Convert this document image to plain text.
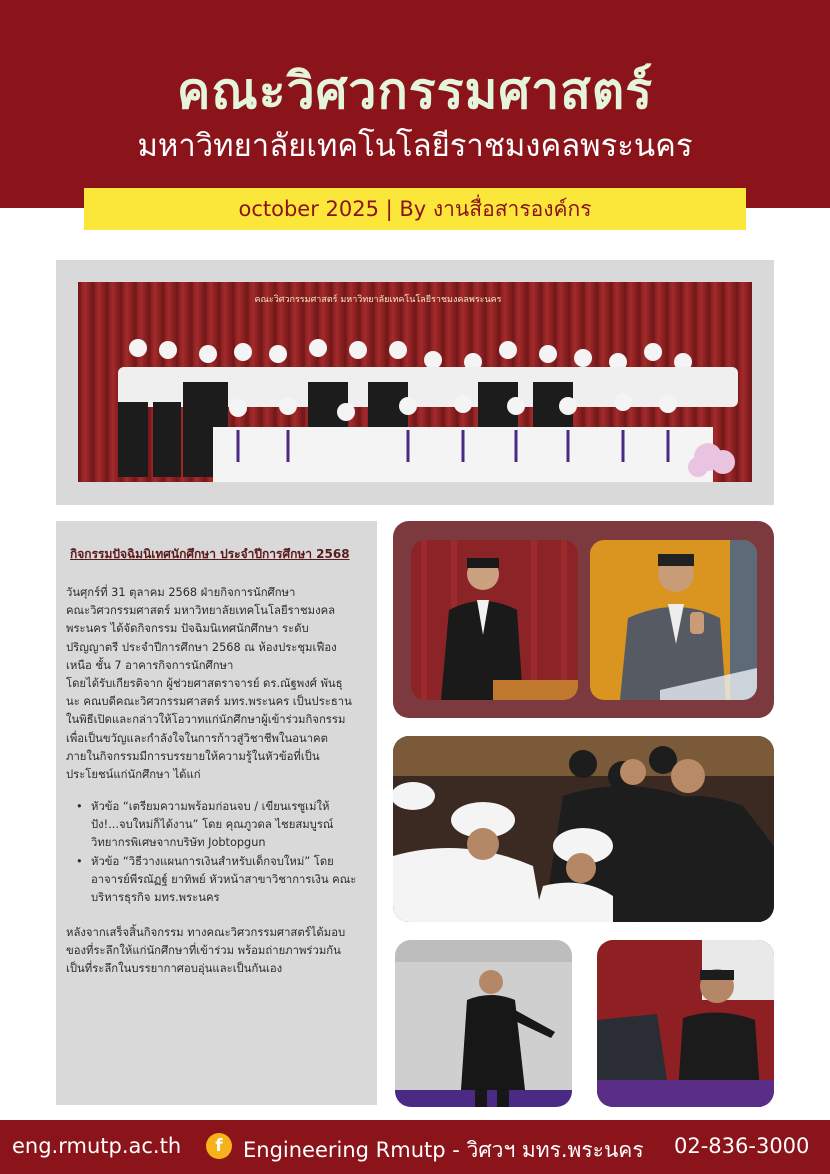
คณะวิศวกรรมศาสตร์
มหาวิทยาลัยเทคโนโลยีราชมงคลพระนคร
october 2025 | By งานสื่อสารองค์กร
คณะวิศวกรรมศาสตร์ มหาวิทยาลัยเทคโนโลยีราชมงคลพระนคร
กิจกรรมปัจฉิมนิเทศนักศึกษา ประจำปีการศึกษา 2568
วันศุกร์ที่ 31 ตุลาคม 2568 ฝ่ายกิจการนักศึกษา
คณะวิศวกรรมศาสตร์ มหาวิทยาลัยเทคโนโลยีราชมงคล
พระนคร ได้จัดกิจกรรม ปัจฉิมนิเทศนักศึกษา ระดับ
ปริญญาตรี ประจำปีการศึกษา 2568 ณ ห้องประชุมเฟือง
เหนือ ชั้น 7 อาคารกิจการนักศึกษา
โดยได้รับเกียรติจาก ผู้ช่วยศาสตราจารย์ ดร.ณัฐพงศ์ พันธุ
นะ คณบดีคณะวิศวกรรมศาสตร์ มทร.พระนคร เป็นประธาน
ในพิธีเปิดและกล่าวให้โอวาทแก่นักศึกษาผู้เข้าร่วมกิจกรรม
เพื่อเป็นขวัญและกำลังใจในการก้าวสู่วิชาชีพในอนาคต
ภายในกิจกรรมมีการบรรยายให้ความรู้ในหัวข้อที่เป็น
ประโยชน์แก่นักศึกษา ได้แก่
• หัวข้อ “เตรียมความพร้อมก่อนจบ / เขียนเรซูเม่ให้
ปัง!...จบใหม่ก็ได้งาน” โดย คุณภูวดล ไชยสมบูรณ์
วิทยากรพิเศษจากบริษัท Jobtopgun
• หัวข้อ “วิธีวางแผนการเงินสำหรับเด็กจบใหม่” โดย
อาจารย์พีรณัฏฐ์ ยาทิพย์ หัวหน้าสาขาวิชาการเงิน คณะ
บริหารธุรกิจ มทร.พระนคร
หลังจากเสร็จสิ้นกิจกรรม ทางคณะวิศวกรรมศาสตร์ได้มอบ
ของที่ระลึกให้แก่นักศึกษาที่เข้าร่วม พร้อมถ่ายภาพร่วมกัน
เป็นที่ระลึกในบรรยากาศอบอุ่นและเป็นกันเอง
eng.rmutp.ac.th	f Engineering Rmutp - วิศวฯ มทร.พระนคร 02-836-3000
